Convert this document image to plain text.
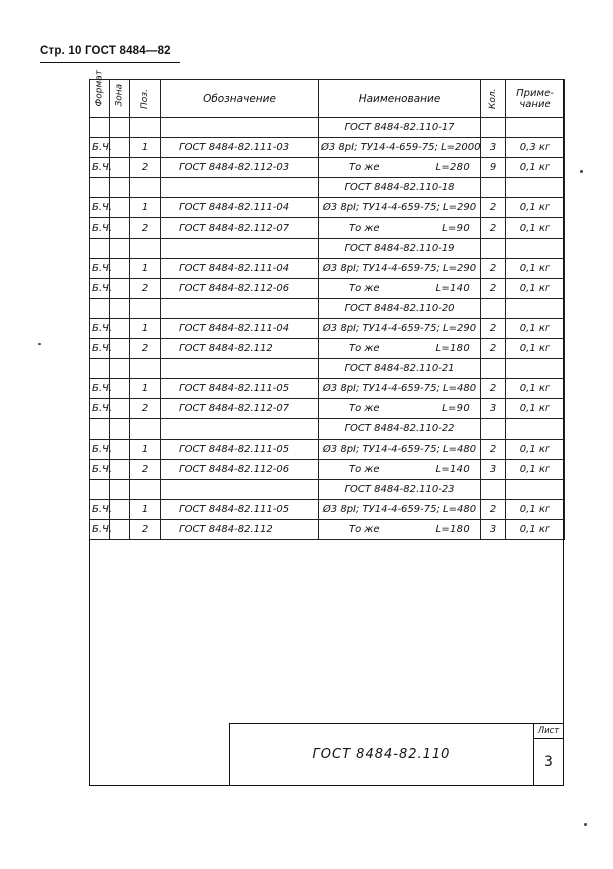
Стр. 10 ГОСТ 8484—82
Формат	Зона	Поз.	Обозначение	Наименование	Кол.	Приме-
чание

				ГОСТ 8484-82.110-17		
Б.Ч.		1	ГОСТ 8484-82.111-03	Ø3 8рI; ТУ14-4-659-75; L=2000	3	0,3 кг
Б.Ч.		2	ГОСТ 8484-82.112-03	То же L=280	9	0,1 кг
				ГОСТ 8484-82.110-18		
Б.Ч.		1	ГОСТ 8484-82.111-04	Ø3 8рI; ТУ14-4-659-75; L=290	2	0,1 кг
Б.Ч.		2	ГОСТ 8484-82.112-07	То же L=90	2	0,1 кг
				ГОСТ 8484-82.110-19		
Б.Ч.		1	ГОСТ 8484-82.111-04	Ø3 8рI; ТУ14-4-659-75; L=290	2	0,1 кг
Б.Ч.		2	ГОСТ 8484-82.112-06	То же L=140	2	0,1 кг
				ГОСТ 8484-82.110-20		
Б.Ч.		1	ГОСТ 8484-82.111-04	Ø3 8рI; ТУ14-4-659-75; L=290	2	0,1 кг
Б.Ч.		2	ГОСТ 8484-82.112	То же L=180	2	0,1 кг
				ГОСТ 8484-82.110-21		
Б.Ч.		1	ГОСТ 8484-82.111-05	Ø3 8рI; ТУ14-4-659-75; L=480	2	0,1 кг
Б.Ч.		2	ГОСТ 8484-82.112-07	То же L=90	3	0,1 кг
				ГОСТ 8484-82.110-22		
Б.Ч.		1	ГОСТ 8484-82.111-05	Ø3 8рI; ТУ14-4-659-75; L=480	2	0,1 кг
Б.Ч.		2	ГОСТ 8484-82.112-06	То же L=140	3	0,1 кг
				ГОСТ 8484-82.110-23		
Б.Ч.		1	ГОСТ 8484-82.111-05	Ø3 8рI; ТУ14-4-659-75; L=480	2	0,1 кг
Б.Ч.		2	ГОСТ 8484-82.112	То же L=180	3	0,1 кг
ГОСТ 8484-82.110
Лист
3
